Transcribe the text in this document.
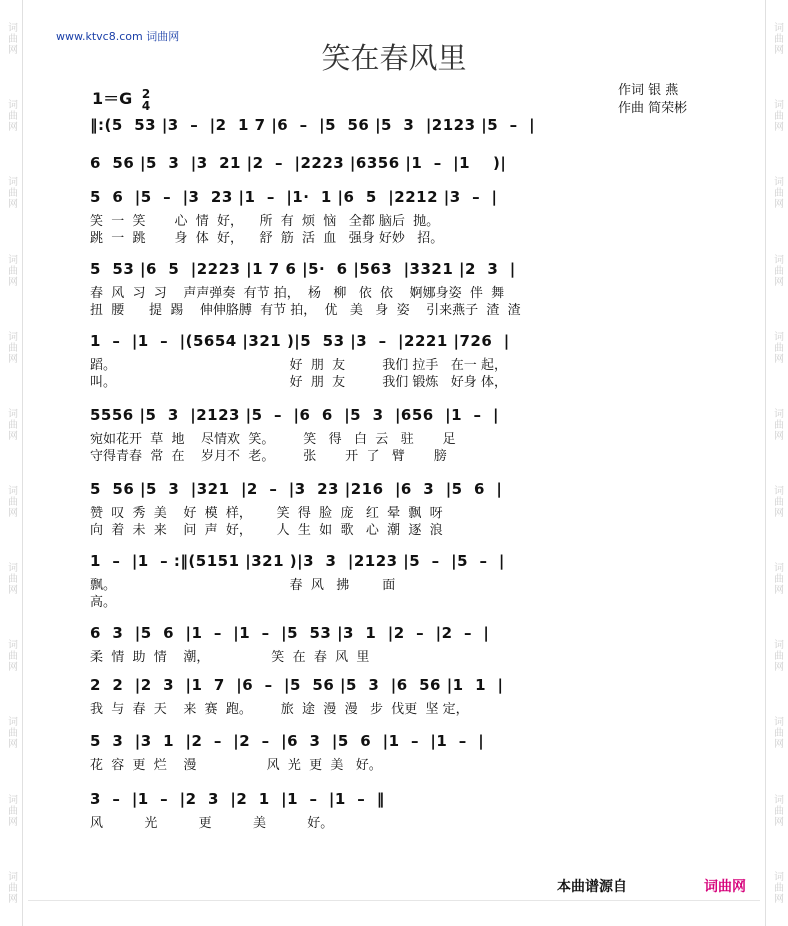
词曲网
词曲网
词曲网
词曲网
词曲网
词曲网
词曲网
词曲网
词曲网
词曲网
词曲网
词曲网
词曲网
词曲网
词曲网
词曲网
词曲网
词曲网
词曲网
词曲网
词曲网
词曲网
词曲网
词曲网
www.ktvc8.com 词曲网
笑在春风里
1＝G 2
4
作词 银 燕
作曲 简荣彬
‖:(5  53 |3  –  |2  1 7 |6  –  |5  56 |5  3  |2123 |5  –  |
6  56 |5  3  |3  21 |2  –  |2223 |6356 |1  –  |1    )|
5  6  |5  –  |3  23 |1  –  |1·  1 |6  5  |2212 |3  –  |
笑  一  笑       心  情  好，    所  有  烦  恼   全都 脑后  抛。
跳  一  跳       身  体  好，    舒  筋  活  血   强身 好妙   招。
5  53 |6  5  |2223 |1 7 6 |5·  6 |563  |3321 |2  3  |
春  风  习  习    声声弹奏  有节 拍，  杨   柳   依  依    婀娜身姿  伴  舞
扭  腰      提  踢    伸伸胳膊  有节 拍，  优   美   身  姿    引来燕子  渣  渣
1  –  |1  –  |(5654 |321 )|5  53 |3  –  |2221 |726  |
蹈。                                          好  朋  友         我们 拉手   在一 起，
叫。                                          好  朋  友         我们 锻炼   好身 体，
5556 |5  3  |2123 |5  –  |6  6  |5  3  |656  |1  –  |
宛如花开  草  地    尽情欢  笑。       笑   得   白  云   驻       足
守得青春  常  在    岁月不  老。       张       开  了   臂       膀
5  56 |5  3  |321  |2  –  |3  23 |216  |6  3  |5  6  |
赞  叹  秀  美    好  模  样，      笑  得  脸  庞   红  晕  飘  呀
向  着  未  来    问  声  好，      人  生  如  歌   心  潮  逐  浪
1  –  |1  – :‖(5151 |321 )|3  3  |2123 |5  –  |5  –  |
飘。                                          春  风   拂        面
高。
6  3  |5  6  |1  –  |1  –  |5  53 |3  1  |2  –  |2  –  |
柔  情  助  情    潮，               笑  在  春  风  里
2  2  |2  3  |1  7  |6  –  |5  56 |5  3  |6  56 |1  1  |
我  与  春  天    来  赛  跑。       旅  途  漫  漫   步  伐更  坚 定，
5  3  |3  1  |2  –  |2  –  |6  3  |5  6  |1  –  |1  –  |
花  容  更  烂    漫                 风  光  更  美   好。
3  –  |1  –  |2  3  |2  1  |1  –  |1  –  ‖
风          光          更          美          好。
本曲谱源自	词曲网
